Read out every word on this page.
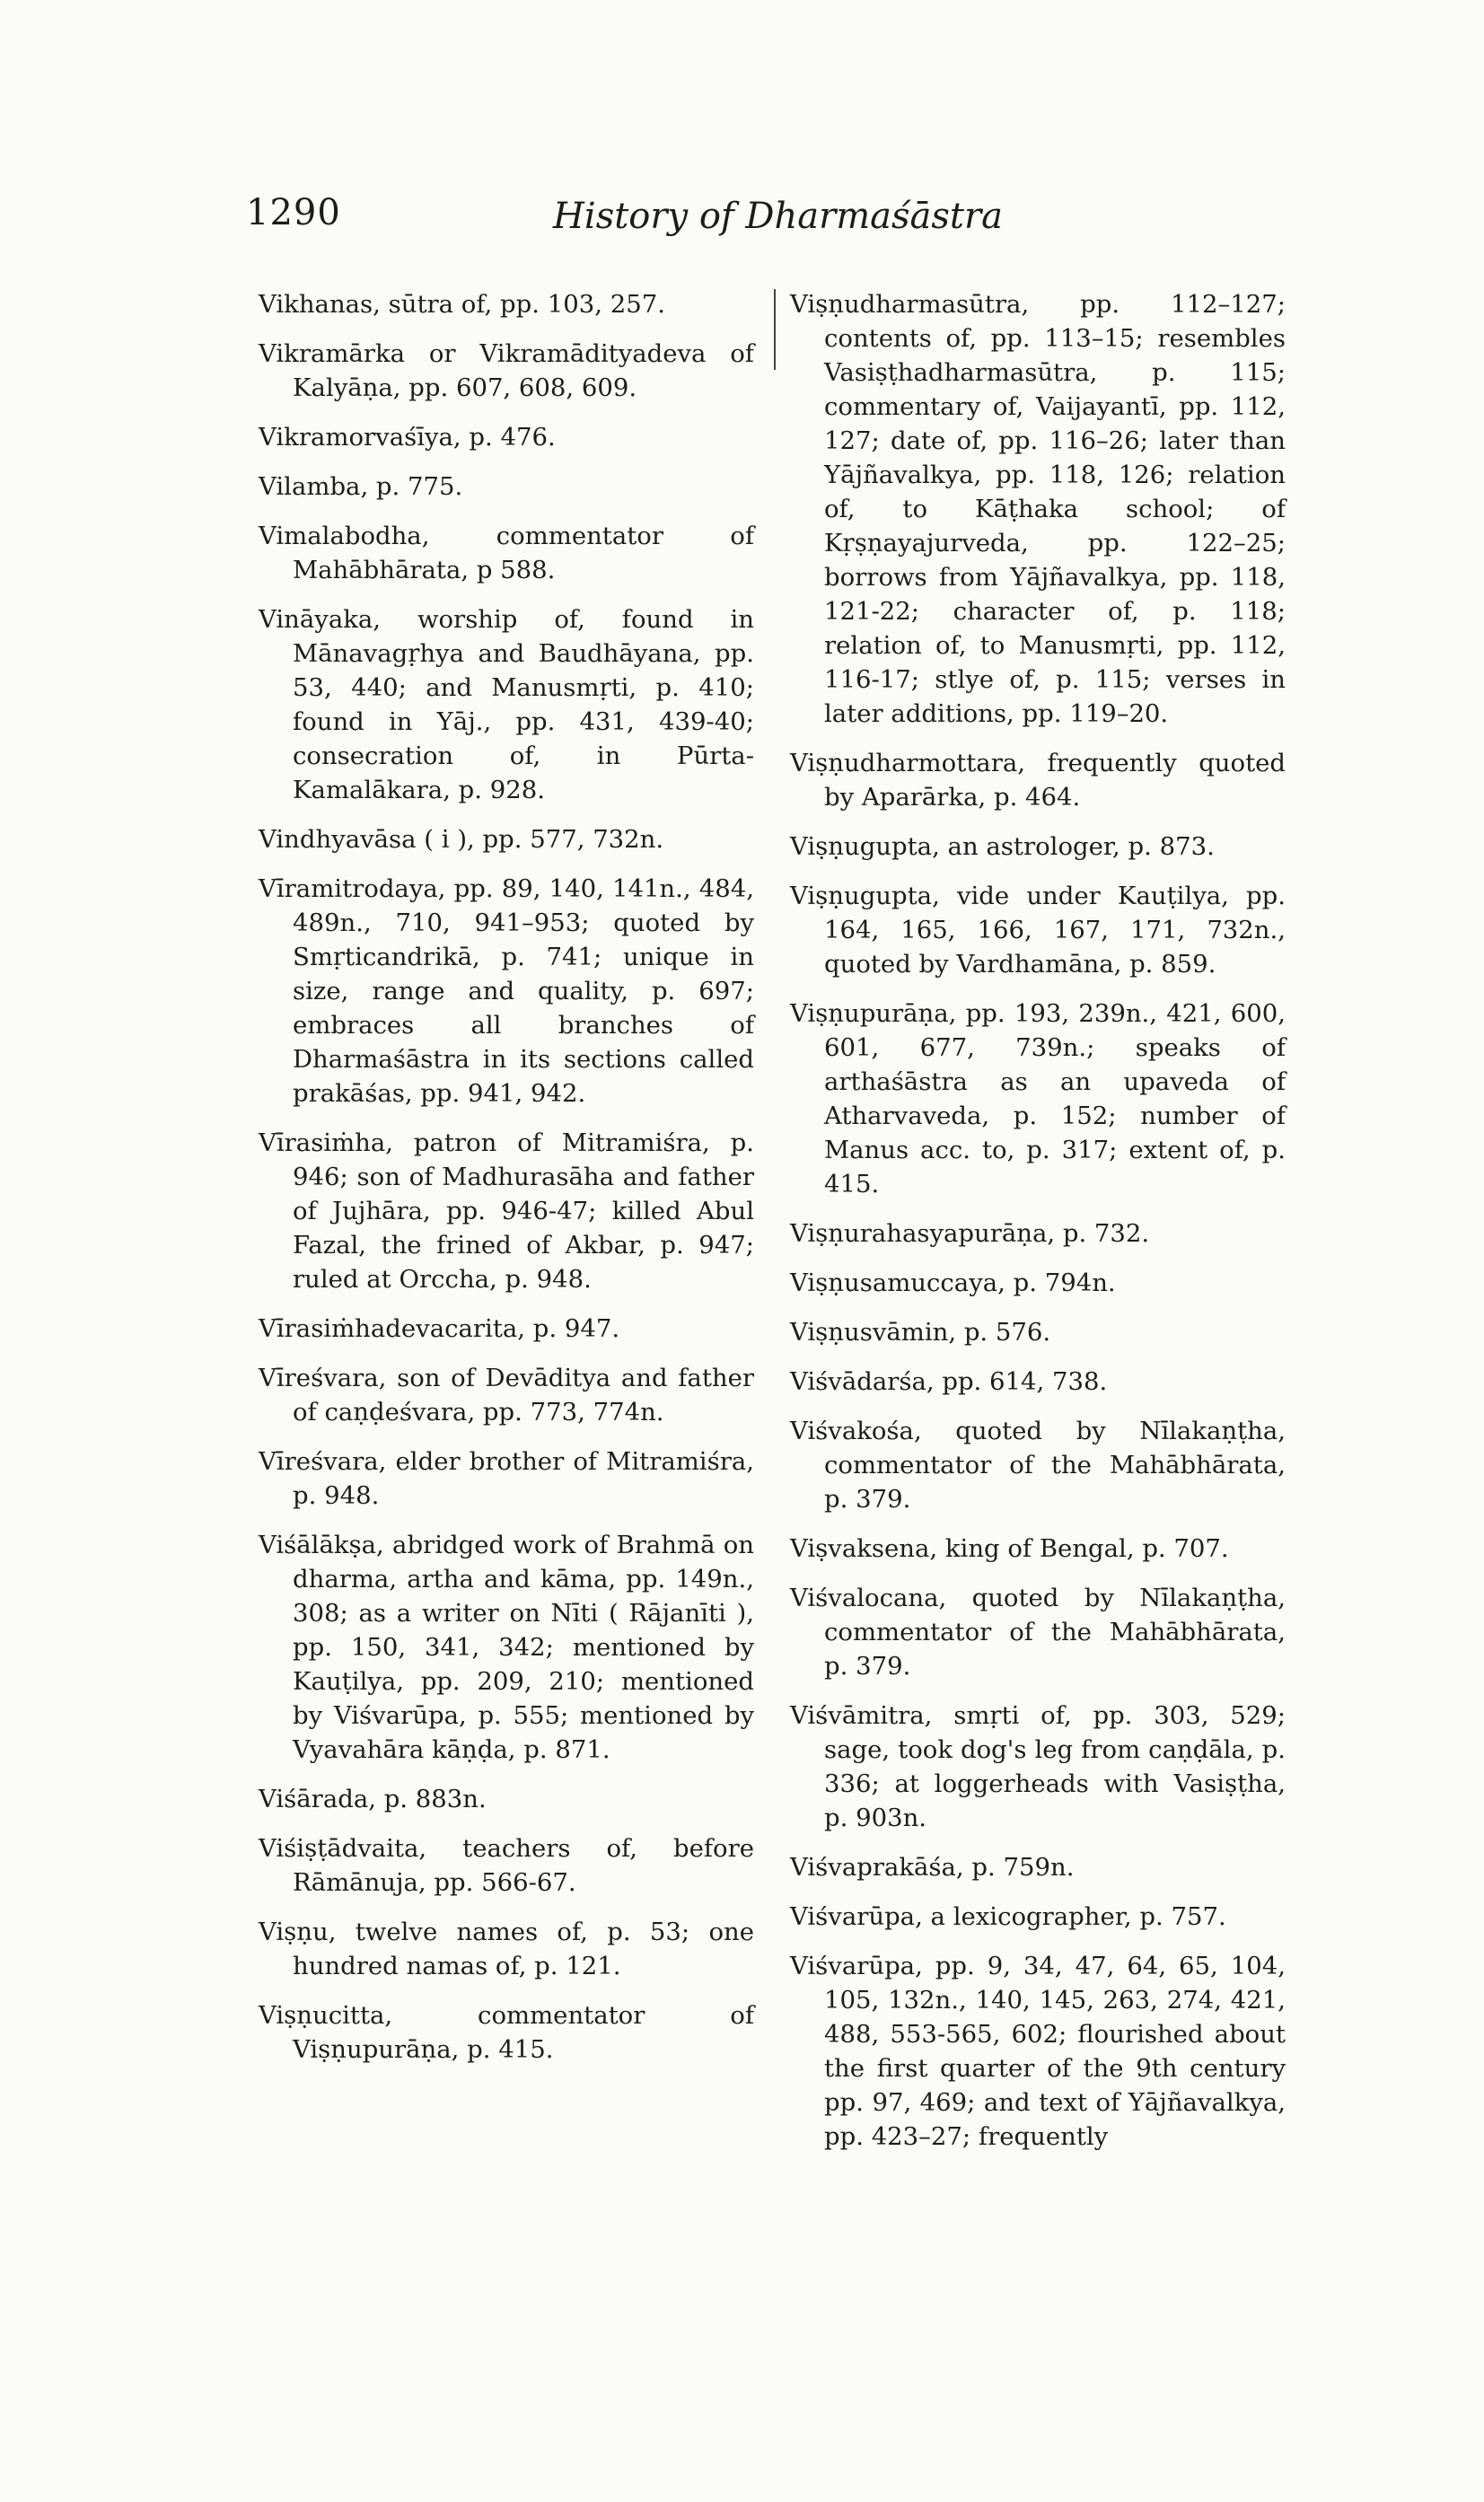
1290	History of Dharmaśāstra

Vikhanas, sūtra of, pp. 103, 257.

Vikramārka or Vikramādityadeva of Kalyāṇa, pp. 607, 608, 609.

Vikramorvaśīya, p. 476.

Vilamba, p. 775.

Vimalabodha, commentator of Mahābhārata, p 588.

Vināyaka, worship of, found in Mānavagṛhya and Baudhāyana, pp. 53, 440; and Manusmṛti, p. 410; found in Yāj., pp. 431, 439-40; consecration of, in Pūrta-Kamalākara, p. 928.

Vindhyavāsa ( i ), pp. 577, 732n.

Vīramitrodaya, pp. 89, 140, 141n., 484, 489n., 710, 941–953; quoted by Smṛticandrikā, p. 741; unique in size, range and quality, p. 697; embraces all branches of Dharmaśāstra in its sections called prakāśas, pp. 941, 942.

Vīrasiṁha, patron of Mitramiśra, p. 946; son of Madhurasāha and father of Jujhāra, pp. 946-47; killed Abul Fazal, the frined of Akbar, p. 947; ruled at Orccha, p. 948.

Vīrasiṁhadevacarita, p. 947.

Vīreśvara, son of Devāditya and father of caṇḍeśvara, pp. 773, 774n.

Vīreśvara, elder brother of Mitramiśra, p. 948.

Viśālākṣa, abridged work of Brahmā on dharma, artha and kāma, pp. 149n., 308; as a writer on Nīti ( Rājanīti ), pp. 150, 341, 342; mentioned by Kauṭilya, pp. 209, 210; mentioned by Viśvarūpa, p. 555; mentioned by Vyavahāra kāṇḍa, p. 871.

Viśārada, p. 883n.

Viśiṣṭādvaita, teachers of, before Rāmānuja, pp. 566-67.

Viṣṇu, twelve names of, p. 53; one hundred namas of, p. 121.

Viṣṇucitta, commentator of Viṣṇupurāṇa, p. 415.

Viṣṇudharmasūtra, pp. 112–127; contents of, pp. 113–15; resembles Vasiṣṭhadharmasūtra, p. 115; commentary of, Vaijayantī, pp. 112, 127; date of, pp. 116–26; later than Yājñavalkya, pp. 118, 126; relation of, to Kāṭhaka school; of Kṛṣṇayajurveda, pp. 122–25; borrows from Yājñavalkya, pp. 118, 121-22; character of, p. 118; relation of, to Manusmṛti, pp. 112, 116-17; stlye of, p. 115; verses in later additions, pp. 119–20.

Viṣṇudharmottara, frequently quoted by Aparārka, p. 464.

Viṣṇugupta, an astrologer, p. 873.

Viṣṇugupta, vide under Kauṭilya, pp. 164, 165, 166, 167, 171, 732n., quoted by Vardhamāna, p. 859.

Viṣṇupurāṇa, pp. 193, 239n., 421, 600, 601, 677, 739n.; speaks of arthaśāstra as an upaveda of Atharvaveda, p. 152; number of Manus acc. to, p. 317; extent of, p. 415.

Viṣṇurahasyapurāṇa, p. 732.

Viṣṇusamuccaya, p. 794n.

Viṣṇusvāmin, p. 576.

Viśvādarśa, pp. 614, 738.

Viśvakośa, quoted by Nīlakaṇṭha, commentator of the Mahābhārata, p. 379.

Viṣvaksena, king of Bengal, p. 707.

Viśvalocana, quoted by Nīlakaṇṭha, commentator of the Mahābhārata, p. 379.

Viśvāmitra, smṛti of, pp. 303, 529; sage, took dog's leg from caṇḍāla, p. 336; at loggerheads with Vasiṣṭha, p. 903n.

Viśvaprakāśa, p. 759n.

Viśvarūpa, a lexicographer, p. 757.

Viśvarūpa, pp. 9, 34, 47, 64, 65, 104, 105, 132n., 140, 145, 263, 274, 421, 488, 553-565, 602; flourished about the first quarter of the 9th century pp. 97, 469; and text of Yājñavalkya, pp. 423–27; frequently
